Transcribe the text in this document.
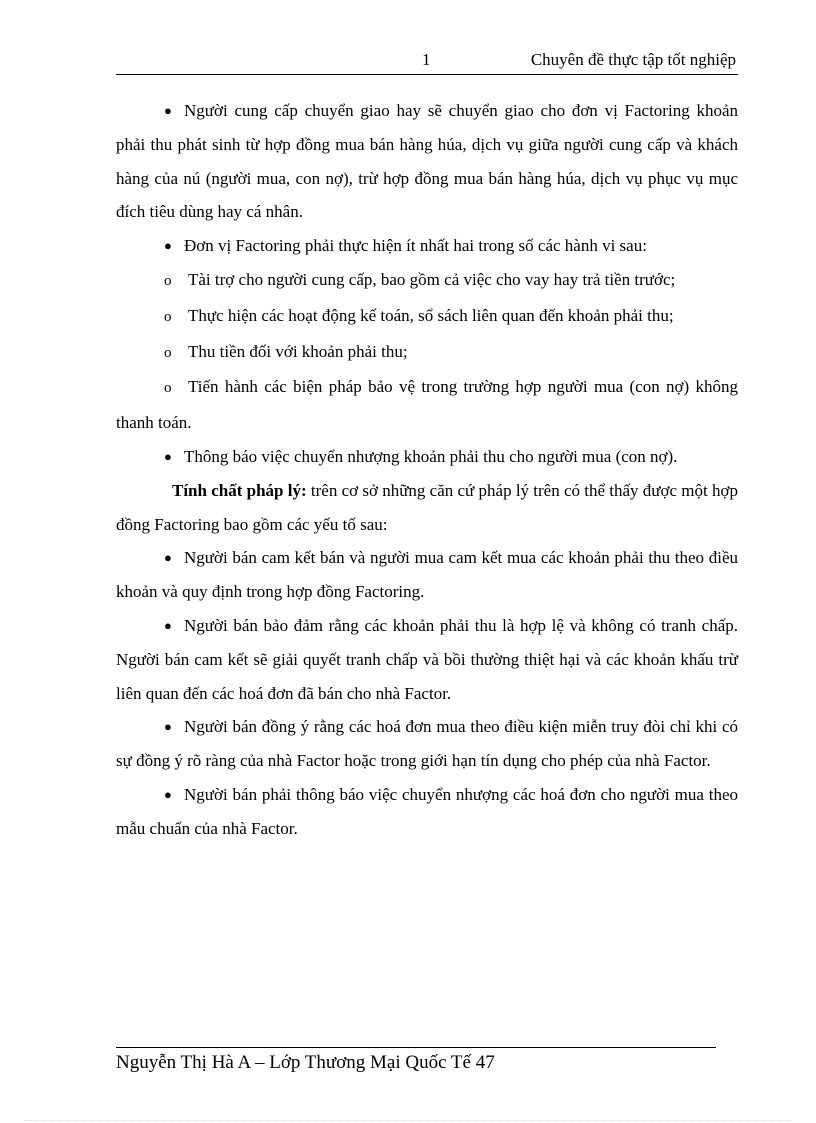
1	Chuyên đề thực tập tốt nghiệp

● Người cung cấp chuyển giao hay sẽ chuyển giao cho đơn vị Factoring khoản phải thu phát sinh từ hợp đồng mua bán hàng húa, dịch vụ giữa người cung cấp và khách hàng của nú (người mua, con nợ), trừ hợp đồng mua bán hàng húa, dịch vụ phục vụ mục đích tiêu dùng hay cá nhân.

● Đơn vị Factoring phải thực hiện ít nhất hai trong số các hành vi sau:

o Tài trợ cho người cung cấp, bao gồm cả việc cho vay hay trả tiền trước;

o Thực hiện các hoạt động kế toán, sổ sách liên quan đến khoản phải thu;

o Thu tiền đối với khoản phải thu;

o Tiến hành các biện pháp bảo vệ trong trường hợp người mua (con nợ) không thanh toán.

● Thông báo việc chuyển nhượng khoản phải thu cho người mua (con nợ).

Tính chất pháp lý: trên cơ sở những căn cứ pháp lý trên có thể thấy được một hợp đồng Factoring bao gồm các yếu tố sau:

● Người bán cam kết bán và người mua cam kết mua các khoản phải thu theo điều khoản và quy định trong hợp đồng Factoring.

● Người bán bảo đảm rằng các khoản phải thu là hợp lệ và không có tranh chấp. Người bán cam kết sẽ giải quyết tranh chấp và bồi thường thiệt hại và các khoản khấu trừ liên quan đến các hoá đơn đã bán cho nhà Factor.

● Người bán đồng ý rằng các hoá đơn mua theo điều kiện miễn truy đòi chỉ khi có sự đồng ý rõ ràng của nhà Factor hoặc trong giới hạn tín dụng cho phép của nhà Factor.

● Người bán phải thông báo việc chuyển nhượng các hoá đơn cho người mua theo mẫu chuẩn của nhà Factor.

Nguyễn Thị Hà A – Lớp Thương Mại Quốc Tế 47
